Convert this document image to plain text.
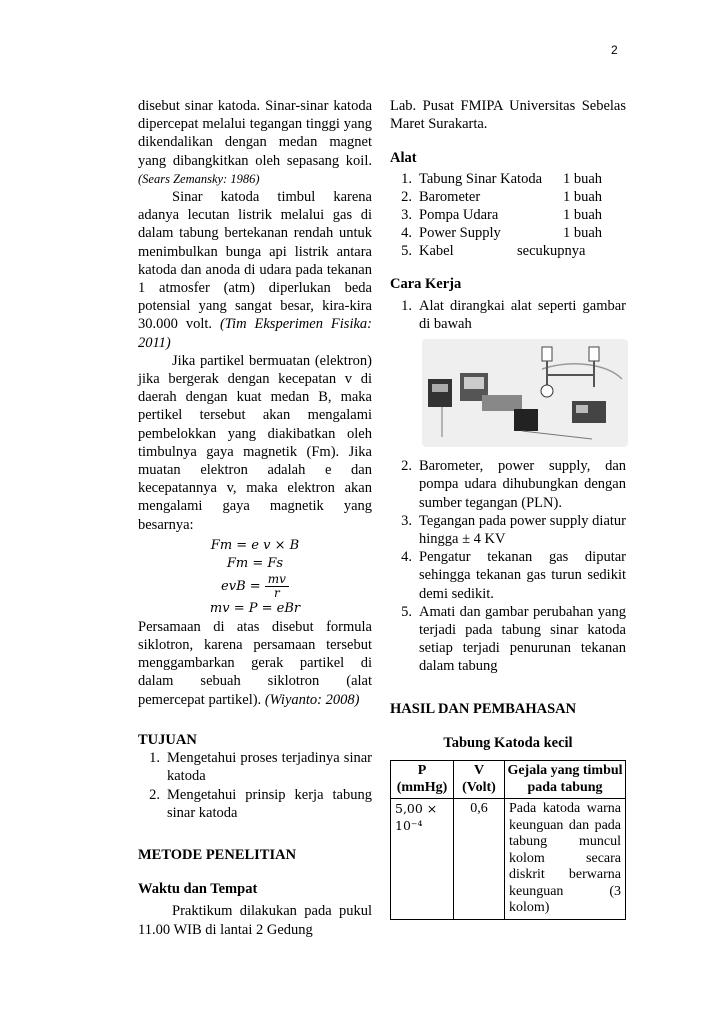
2

disebut sinar katoda. Sinar-sinar katoda dipercepat melalui tegangan tinggi yang dikendalikan dengan medan magnet yang dibangkitkan oleh sepasang koil. (Sears Zemansky: 1986)

Sinar katoda timbul karena adanya lecutan listrik melalui gas di dalam tabung bertekanan rendah untuk menimbulkan bunga api listrik antara katoda dan anoda di udara pada tekanan 1 atmosfer (atm) diperlukan beda potensial yang sangat besar, kira-kira 30.000 volt. (Tim Eksperimen Fisika: 2011)

Jika partikel bermuatan (elektron) jika bergerak dengan kecepatan v di daerah dengan kuat medan B, maka pertikel tersebut akan mengalami pembelokkan yang diakibatkan oleh timbulnya gaya magnetik (Fm). Jika muatan elektron adalah e dan kecepatannya v, maka elektron akan mengalami gaya magnetik yang besarnya:

Fm = e v × B
Fm = Fs
evB = $\frac{mv}{r}$
mv = P = eBr

Persamaan di atas disebut formula siklotron, karena persamaan tersebut menggambarkan gerak partikel di dalam sebuah siklotron (alat pemercepat partikel). (Wiyanto: 2008)

TUJUAN

1. Mengetahui proses terjadinya sinar katoda
2. Mengetahui prinsip kerja tabung sinar katoda

METODE PENELITIAN

Waktu dan Tempat

Praktikum dilakukan pada pukul 11.00 WIB di lantai 2 Gedung

Lab. Pusat FMIPA Universitas Sebelas Maret Surakarta.

Alat

1. Tabung Sinar Katoda	1 buah
2. Barometer	1 buah
3. Pompa Udara	1 buah
4. Power Supply	1 buah
5. Kabel	secukupnya

Cara Kerja

1. Alat dirangkai alat seperti gambar di bawah
2. Barometer, power supply, dan pompa udara dihubungkan dengan sumber tegangan (PLN).
3. Tegangan pada power supply diatur hingga ± 4 KV
4. Pengatur tekanan gas diputar sehingga tekanan gas turun sedikit demi sedikit.
5. Amati dan gambar perubahan yang terjadi pada tabung sinar katoda setiap terjadi penurunan tekanan dalam tabung

HASIL DAN PEMBAHASAN

Tabung Katoda kecil

P (mmHg)	V (Volt)	Gejala yang timbul pada tabung
5,00 × 10⁻⁴	0,6	Pada katoda warna keunguan dan pada tabung muncul kolom secara diskrit berwarna keunguan (3 kolom)
